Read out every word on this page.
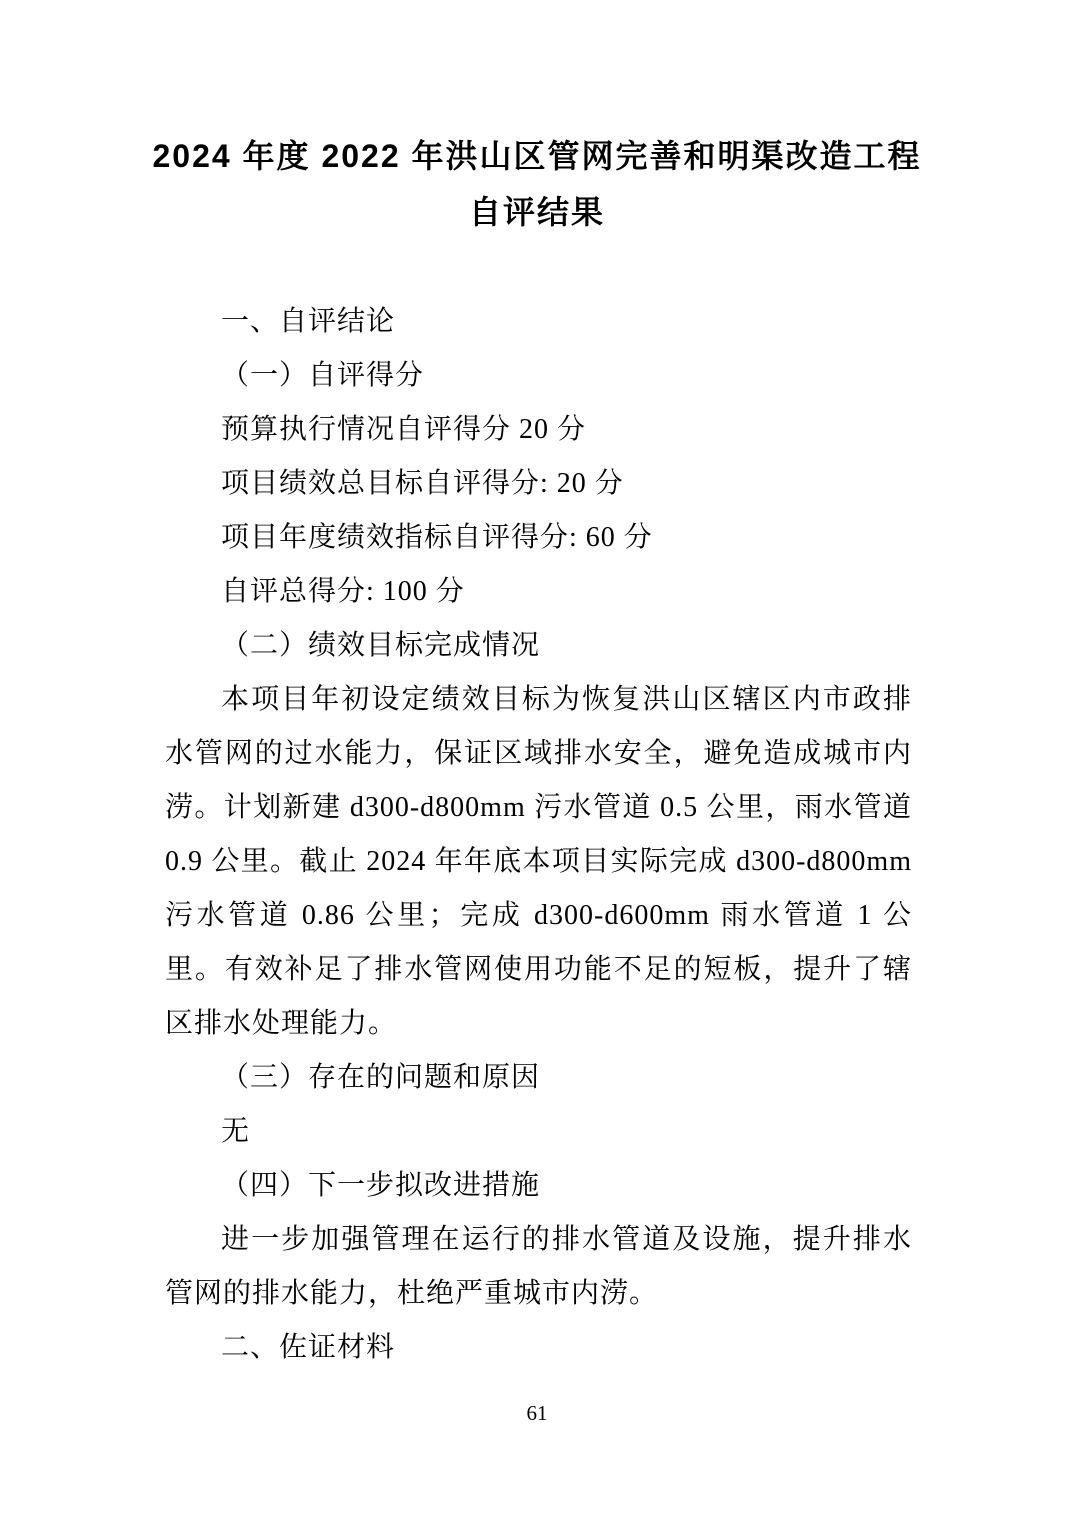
2024 年度 2022 年洪山区管网完善和明渠改造工程
自评结果

一、自评结论

（一）自评得分

预算执行情况自评得分 20 分

项目绩效总目标自评得分: 20 分

项目年度绩效指标自评得分: 60 分

自评总得分: 100 分

（二）绩效目标完成情况

本项目年初设定绩效目标为恢复洪山区辖区内市政排水管网的过水能力，保证区域排水安全，避免造成城市内涝。计划新建 d300-d800mm 污水管道 0.5 公里，雨水管道 0.9 公里。截止 2024 年年底本项目实际完成 d300-d800mm 污水管道 0.86 公里；完成 d300-d600mm 雨水管道 1 公里。有效补足了排水管网使用功能不足的短板，提升了辖区排水处理能力。

（三）存在的问题和原因

无

（四）下一步拟改进措施

进一步加强管理在运行的排水管道及设施，提升排水管网的排水能力，杜绝严重城市内涝。

二、佐证材料

61
